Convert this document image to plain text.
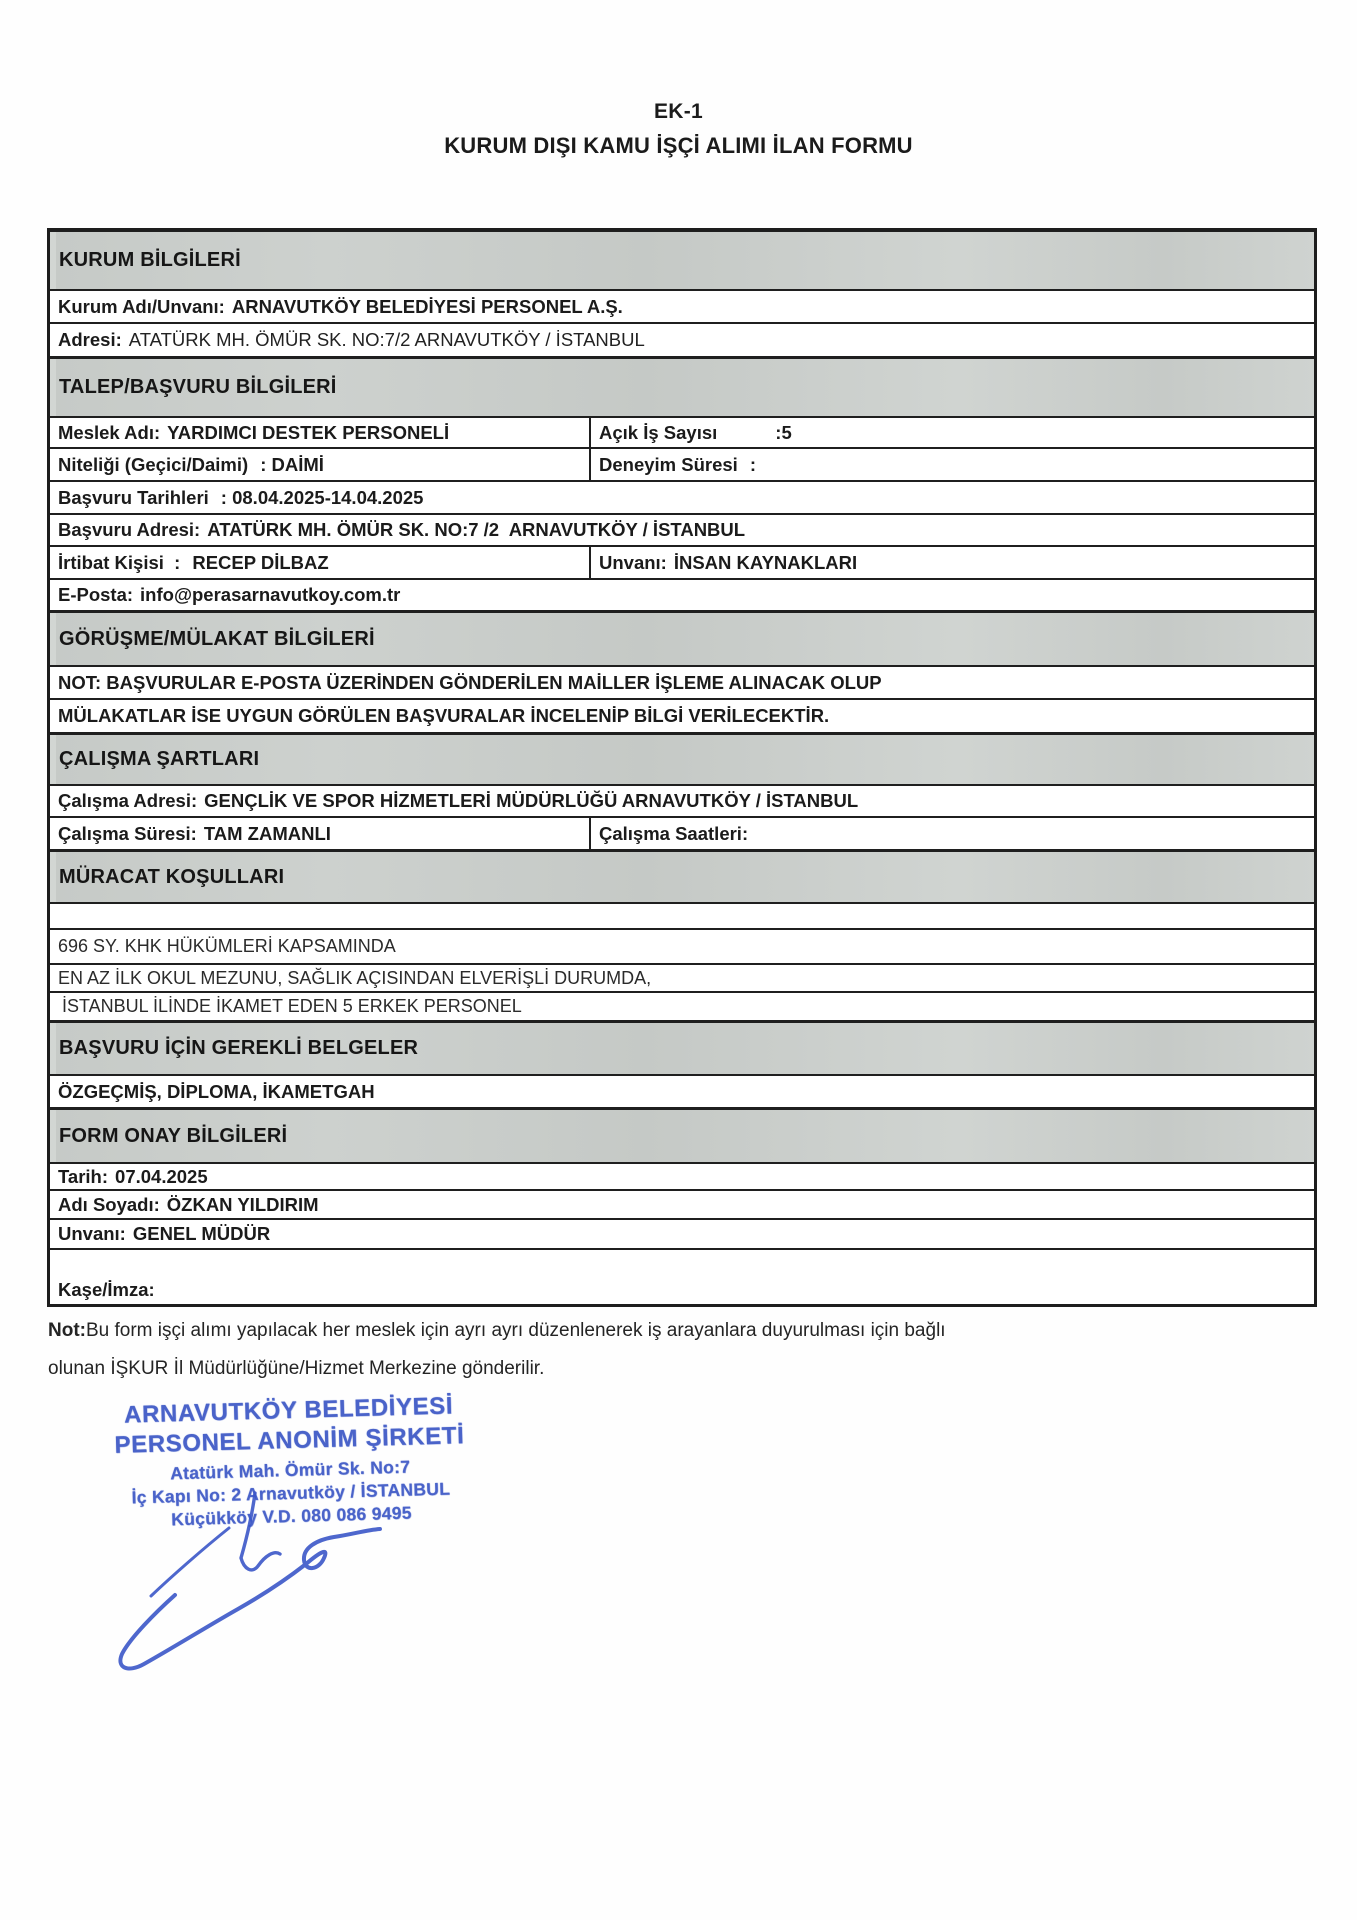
EK-1
KURUM DIŞI KAMU İŞÇİ ALIMI İLAN FORMU
KURUM BİLGİLERİ
Kurum Adı/Unvanı: ARNAVUTKÖY BELEDİYESİ PERSONEL A.Ş.
Adresi: ATATÜRK MH. ÖMÜR SK. NO:7/2 ARNAVUTKÖY / İSTANBUL
TALEP/BAŞVURU BİLGİLERİ
Meslek Adı: YARDIMCI DESTEK PERSONELİ	Açık İş Sayısı	:5
Niteliği (Geçici/Daimi) : DAİMİ	Deneyim Süresi :
Başvuru Tarihleri : 08.04.2025-14.04.2025
Başvuru Adresi: ATATÜRK MH. ÖMÜR SK. NO:7 /2  ARNAVUTKÖY / İSTANBUL
İrtibat Kişisi  : RECEP DİLBAZ	Unvanı: İNSAN KAYNAKLARI
E-Posta: info@perasarnavutkoy.com.tr
GÖRÜŞME/MÜLAKAT BİLGİLERİ
NOT: BAŞVURULAR E-POSTA ÜZERİNDEN GÖNDERİLEN MAİLLER İŞLEME ALINACAK OLUP
MÜLAKATLAR İSE UYGUN GÖRÜLEN BAŞVURALAR İNCELENİP BİLGİ VERİLECEKTİR.
ÇALIŞMA ŞARTLARI
Çalışma Adresi: GENÇLİK VE SPOR HİZMETLERİ MÜDÜRLÜĞÜ ARNAVUTKÖY / İSTANBUL
Çalışma Süresi: TAM ZAMANLI	Çalışma Saatleri:
MÜRACAT KOŞULLARI
696 SY. KHK HÜKÜMLERİ KAPSAMINDA
EN AZ İLK OKUL MEZUNU, SAĞLIK AÇISINDAN ELVERİŞLİ DURUMDA,
İSTANBUL İLİNDE İKAMET EDEN 5 ERKEK PERSONEL
BAŞVURU İÇİN GEREKLİ BELGELER
ÖZGEÇMİŞ, DİPLOMA, İKAMETGAH
FORM ONAY BİLGİLERİ
Tarih: 07.04.2025
Adı Soyadı: ÖZKAN YILDIRIM
Unvanı: GENEL MÜDÜR
Kaşe/İmza:
Not:Bu form işçi alımı yapılacak her meslek için ayrı ayrı düzenlenerek iş arayanlara duyurulması için bağlı
olunan İŞKUR İl Müdürlüğüne/Hizmet Merkezine gönderilir.
ARNAVUTKÖY BELEDİYESİ
PERSONEL ANONİM ŞİRKETİ
Atatürk Mah. Ömür Sk. No:7
İç Kapı No: 2 Arnavutköy / İSTANBUL
Küçükköy V.D. 080 086 9495
